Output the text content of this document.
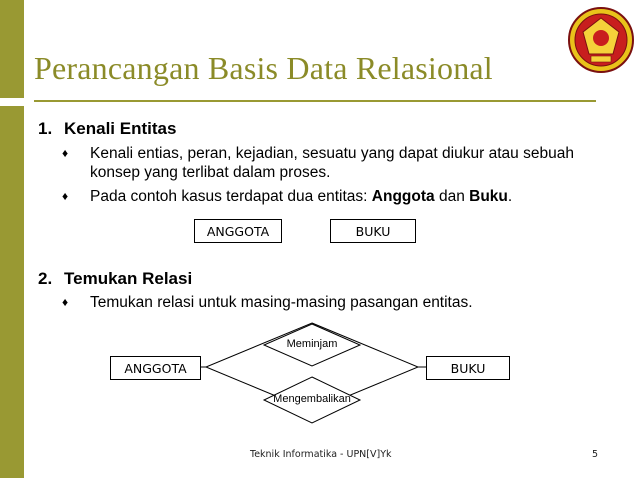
Perancangan Basis Data Relasional
1. Kenali Entitas
♦ Kenali entias, peran, kejadian, sesuatu yang dapat diukur atau sebuah konsep yang terlibat dalam proses.
♦ Pada contoh kasus terdapat dua entitas: Anggota dan Buku.
ANGGOTA	BUKU
2. Temukan Relasi
♦ Temukan relasi untuk masing-masing pasangan entitas.
ANGGOTA	BUKU
Meminjam
Mengembalikan
Teknik Informatika - UPN[V]Yk	5
